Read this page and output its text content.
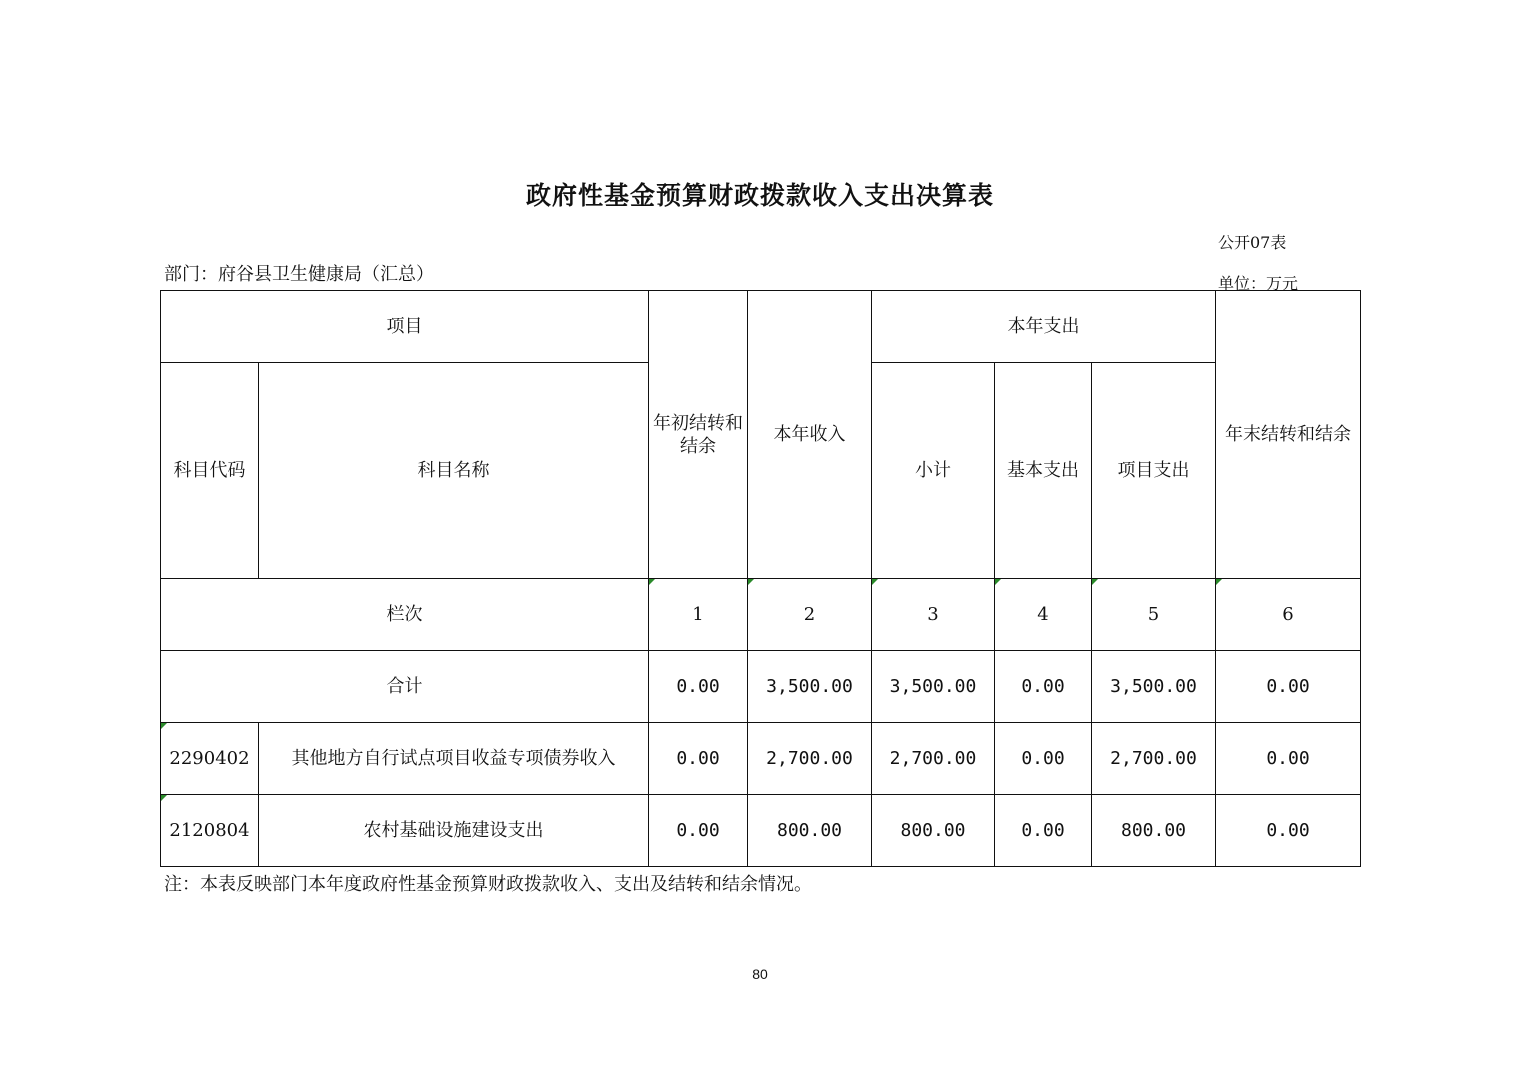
政府性基金预算财政拨款收入支出决算表
公开07表
部门：府谷县卫生健康局（汇总）	单位：万元
项目		年初结转和结余	本年收入	本年支出			年末结转和结余
科目代码	科目名称			小计	基本支出	项目支出	
栏次		1	2	3	4	5	6
合计		0.00	3,500.00	3,500.00	0.00	3,500.00	0.00
2290402	其他地方自行试点项目收益专项债券收入	0.00	2,700.00	2,700.00	0.00	2,700.00	0.00
2120804	农村基础设施建设支出	0.00	800.00	800.00	0.00	800.00	0.00
注：本表反映部门本年度政府性基金预算财政拨款收入、支出及结转和结余情况。
80
